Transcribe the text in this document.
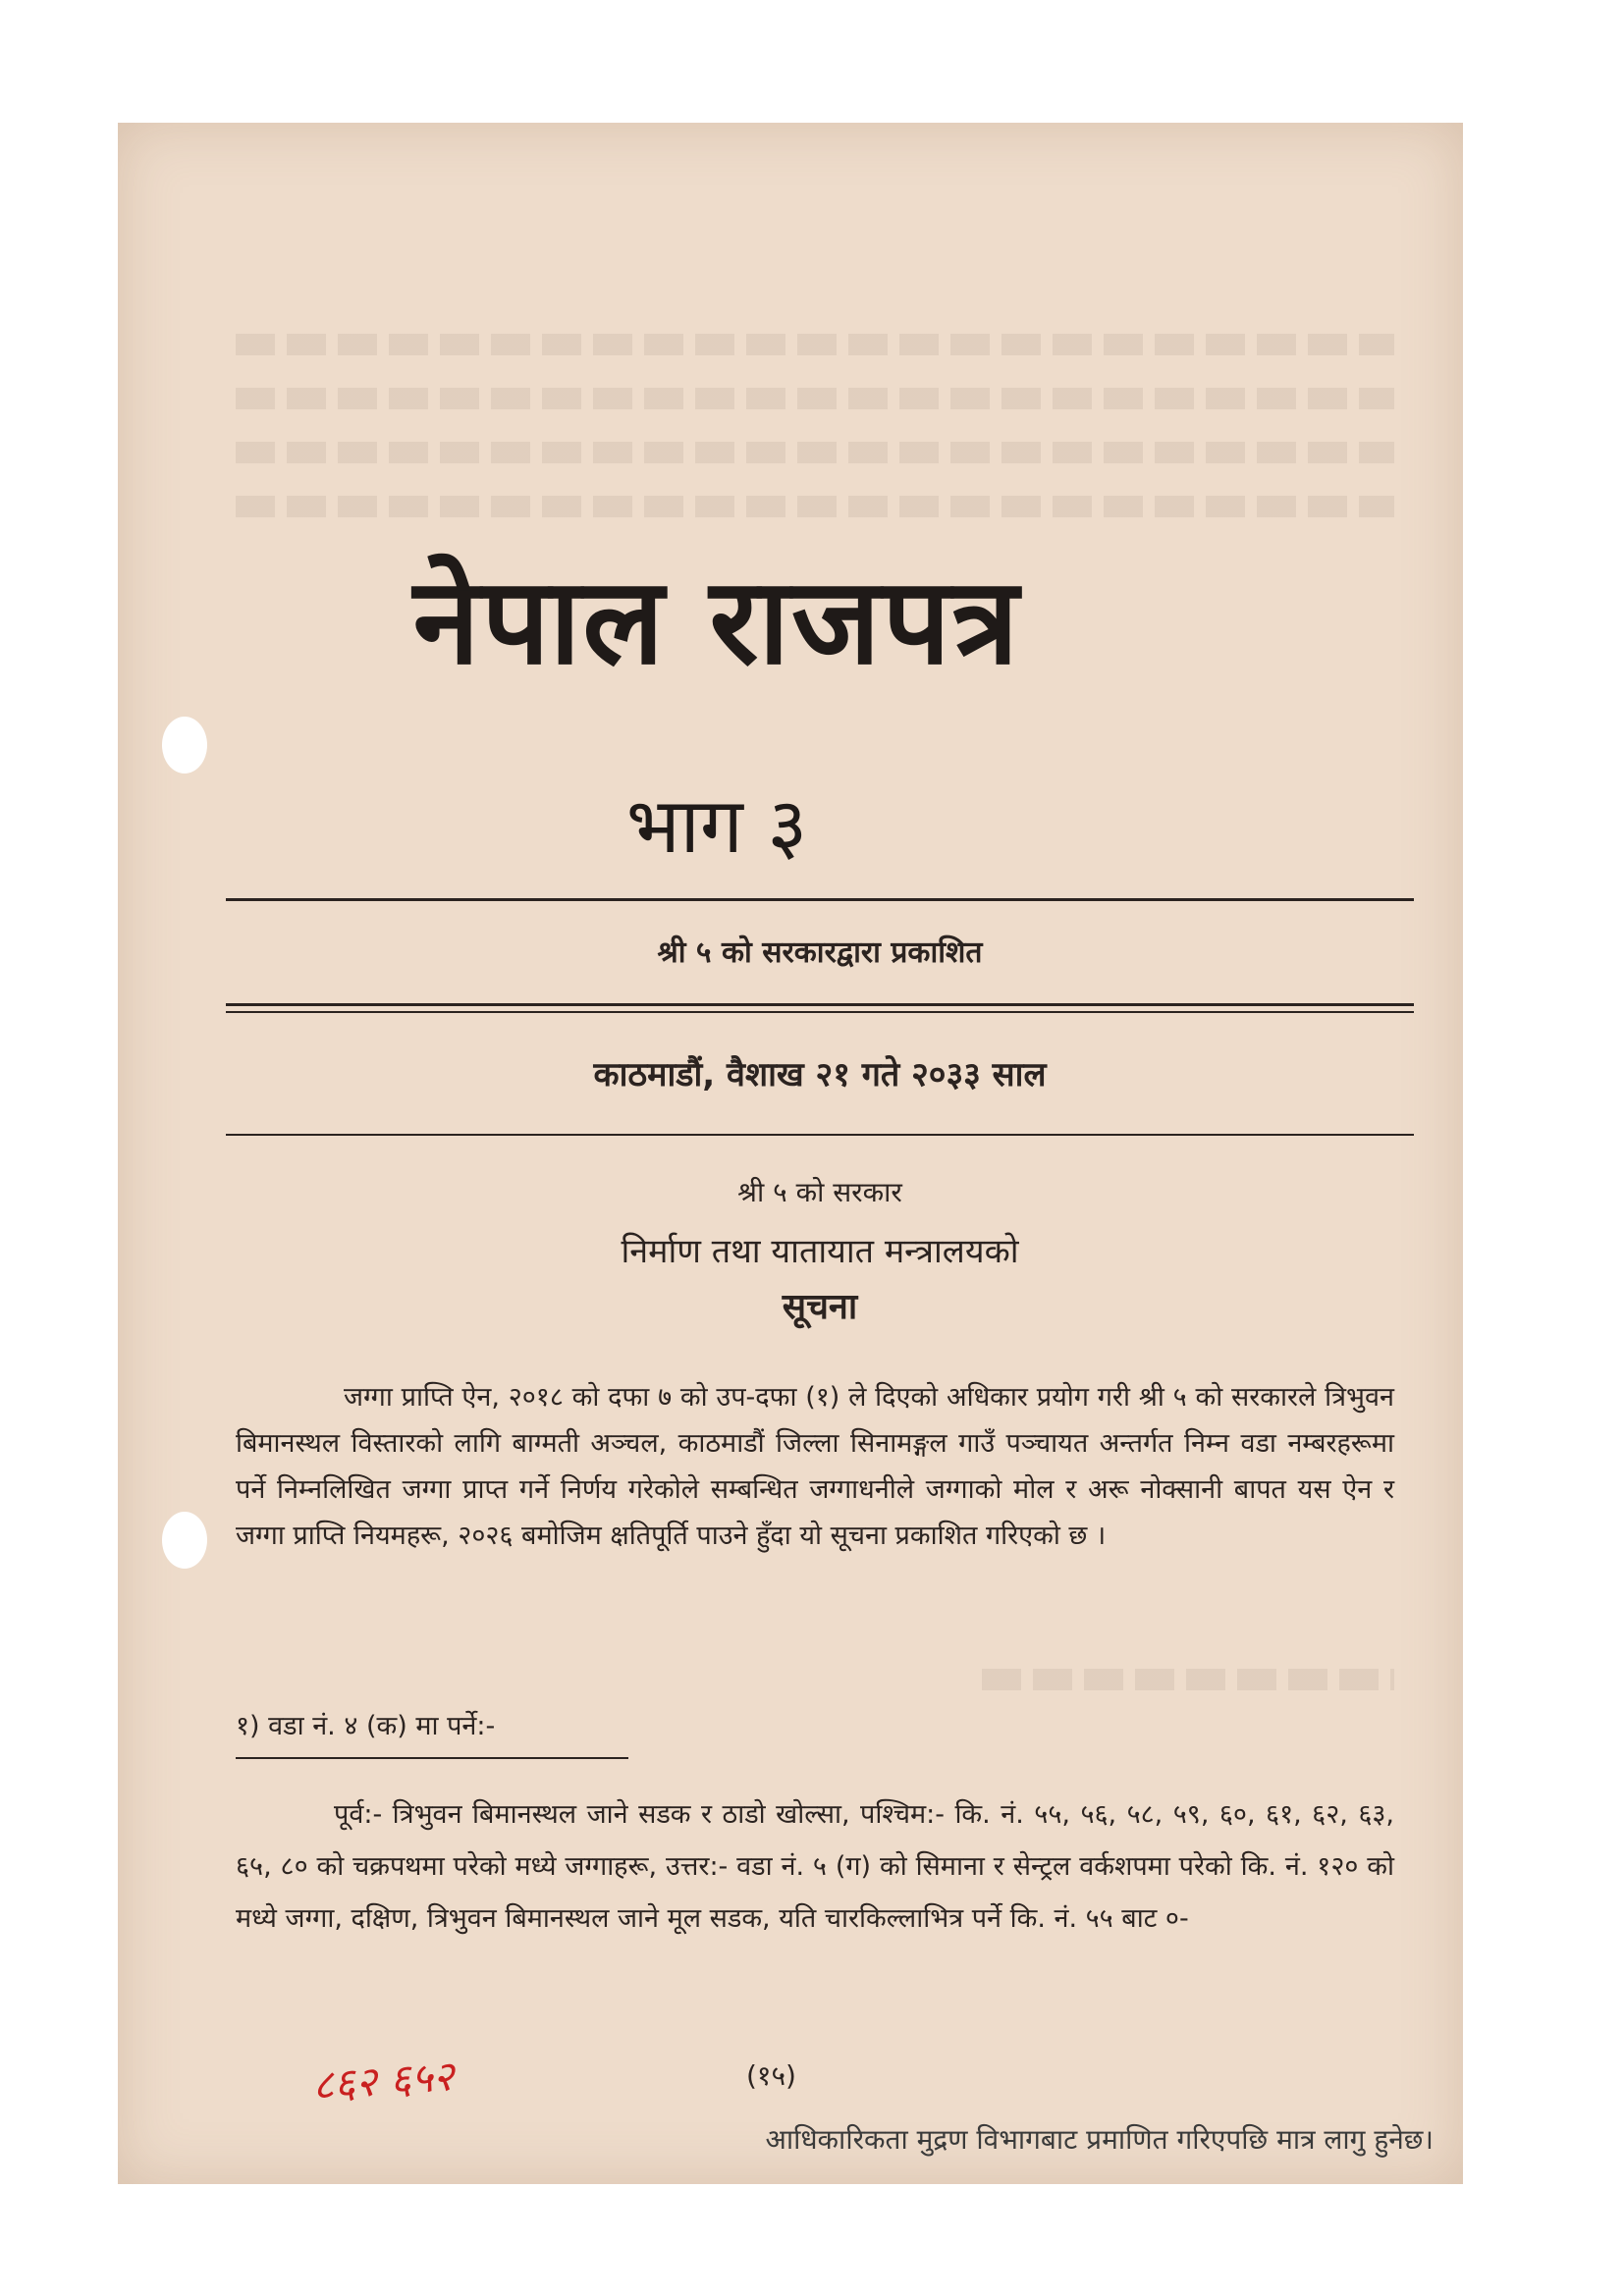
नेपाल राजपत्र
भाग ३
श्री ५ को सरकारद्वारा प्रकाशित
काठमाडौं, वैशाख २१ गते २०३३ साल
श्री ५ को सरकार
निर्माण तथा यातायात मन्त्रालयको
सूचना

जग्गा प्राप्ति ऐन, २०१८ को दफा ७ को उप-दफा (१) ले दिएको अधिकार प्रयोग गरी श्री ५ को सरकारले त्रिभुवन बिमानस्थल विस्तारको लागि बाग्मती अञ्चल, काठमाडौं जिल्ला सिनामङ्गल गाउँ पञ्चायत अन्तर्गत निम्न वडा नम्बरहरूमा पर्ने निम्नलिखित जग्गा प्राप्त गर्ने निर्णय गरेकोले सम्बन्धित जग्गाधनीले जग्गाको मोल र अरू नोक्सानी बापत यस ऐन र जग्गा प्राप्ति नियमहरू, २०२६ बमोजिम क्षतिपूर्ति पाउने हुँदा यो सूचना प्रकाशित गरिएको छ ।

१) वडा नं. ४ (क) मा पर्ने:-

पूर्व:- त्रिभुवन बिमानस्थल जाने सडक र ठाडो खोल्सा, पश्चिम:- कि. नं. ५५, ५६, ५८, ५९, ६०, ६१, ६२, ६३, ६५, ८० को चक्रपथमा परेको मध्ये जग्गाहरू, उत्तर:- वडा नं. ५ (ग) को सिमाना र सेन्ट्रल वर्कशपमा परेको कि. नं. १२० को मध्ये जग्गा, दक्षिण, त्रिभुवन बिमानस्थल जाने मूल सडक, यति चारकिल्लाभित्र पर्ने कि. नं. ५५ बाट ०-

८६२ ६५२	(१५)
आधिकारिकता मुद्रण विभागबाट प्रमाणित गरिएपछि मात्र लागु हुनेछ।
